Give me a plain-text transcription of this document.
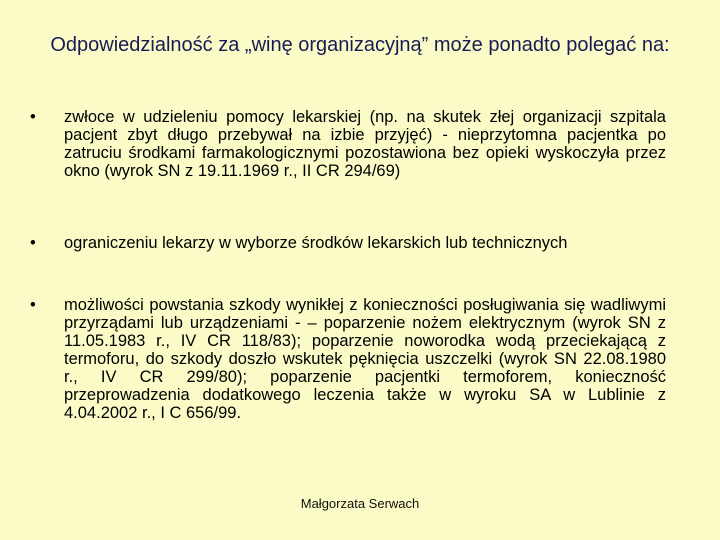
Odpowiedzialność za „winę organizacyjną” może ponadto polegać na:
•	zwłoce w udzieleniu pomocy lekarskiej (np. na skutek złej organizacji szpitala pacjent zbyt długo przebywał na izbie przyjęć) - nieprzytomna pacjentka po zatruciu środkami farmakologicznymi pozostawiona bez opieki wyskoczyła przez okno (wyrok SN z 19.11.1969 r., II CR 294/69)
•	ograniczeniu lekarzy w wyborze środków lekarskich lub technicznych
•	możliwości powstania szkody wynikłej z konieczności posługiwania się wadliwymi przyrządami lub urządzeniami - – poparzenie nożem elektrycznym (wyrok SN z 11.05.1983 r., IV CR 118/83); poparzenie noworodka wodą przeciekającą z termoforu, do szkody doszło wskutek pęknięcia uszczelki (wyrok SN 22.08.1980 r., IV CR 299/80); poparzenie pacjentki termoforem, konieczność przeprowadzenia dodatkowego leczenia także w wyroku SA w Lublinie z 4.04.2002 r., I C 656/99.
Małgorzata Serwach
